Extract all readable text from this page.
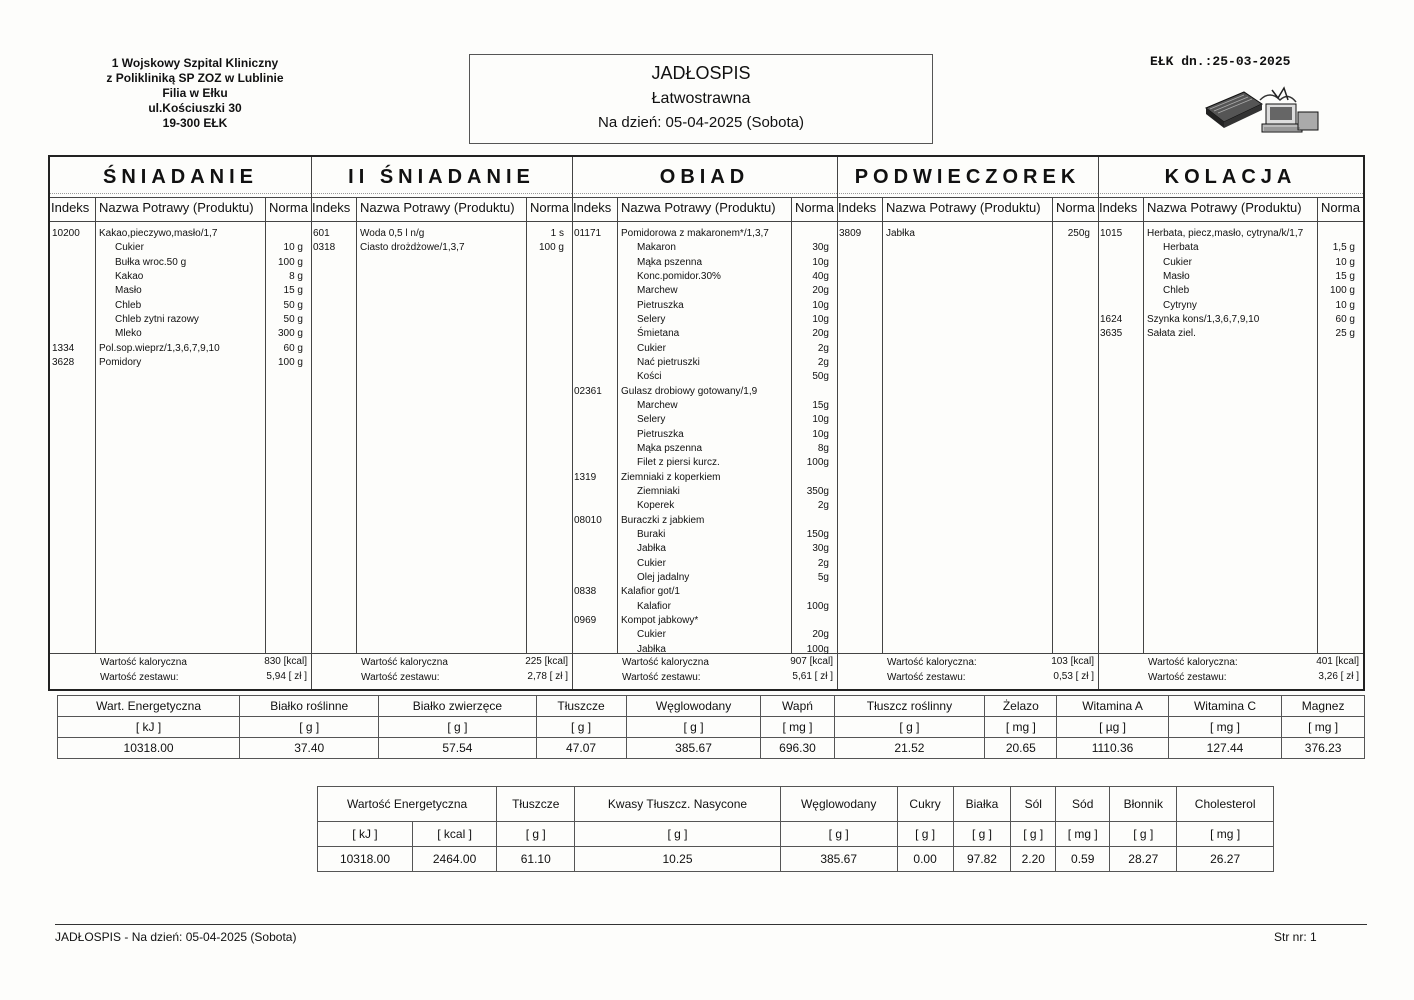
1 Wojskowy Szpital Kliniczny
z Polikliniką SP ZOZ w Lublinie
Filia w Ełku
ul.Kościuszki 30
19-300 EŁK
JADŁOSPIS
Łatwostrawna
Na dzień: 05-04-2025 (Sobota)
EŁK dn.:25-03-2025
ŚNIADANIE
Indeks Nazwa Potrawy (Produktu) Norma
10200 Kakao,pieczywo,masło/1,7
Cukier	10 g
Bułka wroc.50 g	100 g
Kakao	8 g
Masło	15 g
Chleb	50 g
Chleb zytni razowy	50 g
Mleko	300 g
1334 Pol.sop.wieprz/1,3,6,7,9,10	60 g
3628 Pomidory	100 g
Wartość kaloryczna	830 [kcal]
Wartość zestawu:	5,94 [ zł ]
II ŚNIADANIE
Indeks Nazwa Potrawy (Produktu) Norma
601	Woda 0,5 l n/g	1 s
0318 Ciasto drożdżowe/1,3,7	100 g
Wartość kaloryczna	225 [kcal]
Wartość zestawu:	2,78 [ zł ]
OBIAD
Indeks Nazwa Potrawy (Produktu) Norma
01171 Pomidorowa z makaronem*/1,3,7
Makaron	30g
Mąka pszenna	10g
Konc.pomidor.30%	40g
Marchew	20g
Pietruszka	10g
Selery	10g
Śmietana	20g
Cukier	2g
Nać pietruszki	2g
Kości	50g
02361 Gulasz drobiowy gotowany/1,9
Marchew	15g
Selery	10g
Pietruszka	10g
Mąka pszenna	8g
Filet z piersi kurcz.	100g
1319 Ziemniaki z koperkiem
Ziemniaki	350g
Koperek	2g
08010 Buraczki z jabkiem
Buraki	150g
Jabłka	30g
Cukier	2g
Olej jadalny	5g
0838 Kalafior got/1
Kalafior	100g
0969 Kompot jabkowy*
Cukier	20g
Jabłka	100g
Wartość kaloryczna	907 [kcal]
Wartość zestawu:	5,61 [ zł ]
PODWIECZOREK
Indeks Nazwa Potrawy (Produktu) Norma
3809 Jabłka	250g
Wartość kaloryczna:	103 [kcal]
Wartość zestawu:	0,53 [ zł ]
KOLACJA
Indeks Nazwa Potrawy (Produktu) Norma
1015 Herbata, piecz,masło, cytryna/k/1,7
Herbata	1,5 g
Cukier	10 g
Masło	15 g
Chleb	100 g
Cytryny	10 g
1624 Szynka kons/1,3,6,7,9,10	60 g
3635 Sałata ziel.	25 g
Wartość kaloryczna:	401 [kcal]
Wartość zestawu:	3,26 [ zł ]
Wart. Energetyczna	Białko roślinne	Białko zwierzęce	Tłuszcze	Węglowodany	Wapń	Tłuszcz roślinny	Żelazo	Witamina A	Witamina C	Magnez
[ kJ ]	[ g ]	[ g ]	[ g ]	[ g ]	[ mg ]	[ g ]	[ mg ]	[ µg ]	[ mg ]	[ mg ]
10318.00	37.40	57.54	47.07	385.67	696.30	21.52	20.65	1110.36	127.44	376.23
Wartość Energetyczna		Tłuszcze	Kwasy Tłuszcz. Nasycone	Węglowodany	Cukry	Białka	Sól	Sód	Błonnik	Cholesterol
[ kJ ]	[ kcal ]	[ g ]	[ g ]	[ g ]	[ g ]	[ g ]	[ g ]	[ mg ]	[ g ]	[ mg ]
10318.00	2464.00	61.10	10.25	385.67	0.00	97.82	2.20	0.59	28.27	26.27
JADŁOSPIS - Na dzień: 05-04-2025 (Sobota)	Str nr: 1
